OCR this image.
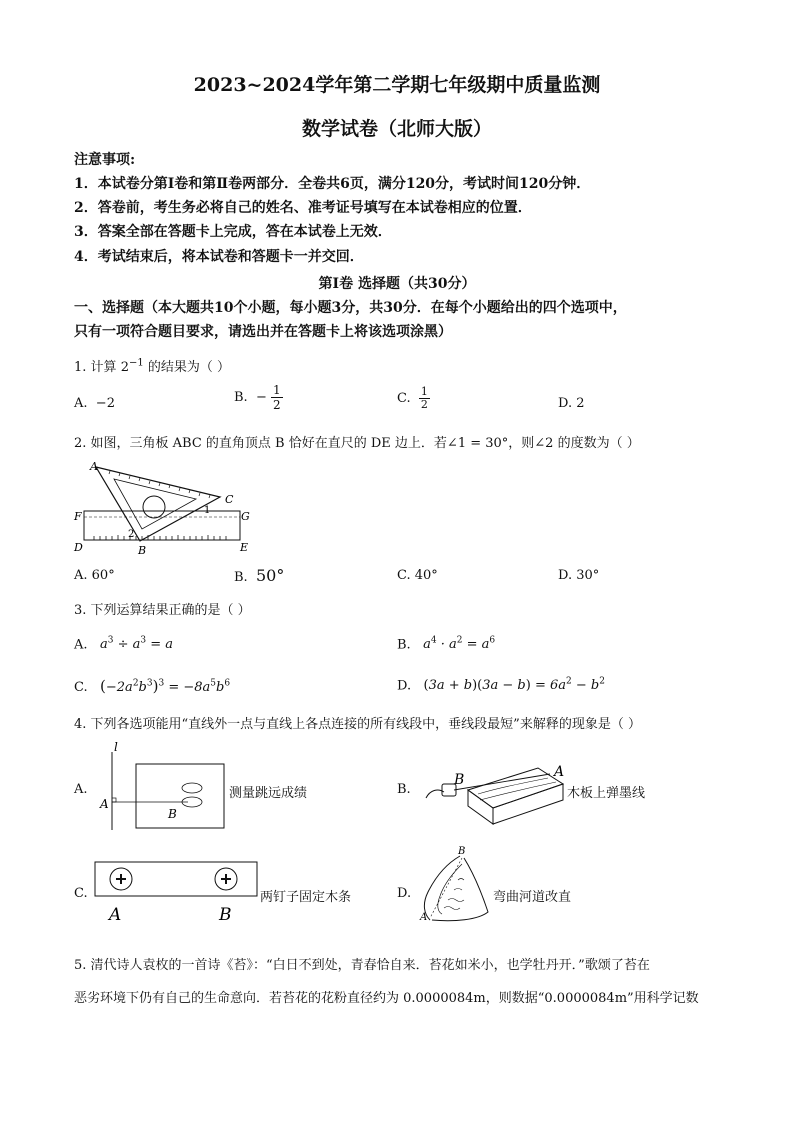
2023~2024学年第二学期七年级期中质量监测
数学试卷（北师大版）
注意事项:
1．本试卷分第Ⅰ卷和第Ⅱ卷两部分．全卷共6页，满分120分，考试时间120分钟．
2．答卷前，考生务必将自己的姓名、准考证号填写在本试卷相应的位置．
3．答案全部在答题卡上完成，答在本试卷上无效．
4．考试结束后，将本试卷和答题卡一并交回．
第Ⅰ卷 选择题（共30分）
一、选择题（本大题共10个小题，每小题3分，共30分．在每个小题给出的四个选项中，
只有一项符合题目要求，请选出并在答题卡上将该选项涂黑）
1. 计算 $2^{-1}$ 的结果为（ ）
A. −2	B. − $\frac{1}{2}$	C. $\frac{1}{2}$	D. 2
2. 如图，三角板 ABC 的直角顶点 B 恰好在直尺的 DE 边上．若∠1 = 30°，则∠2 的度数为（ ）
A
C
F	G
D	B	E
2
1
A. 60°	B. 50°	C. 40°	D. 30°
3. 下列运算结果正确的是（ ）
A. $a^3 \div a^3 = a$	B. $a^4 \cdot a^2 = a^6$
C. $(-2a^2b^3)^3 = -8a^5b^6$	D. $(3a + b)(3a - b) = 6a^2 - b^2$
4. 下列各选项能用“直线外一点与直线上各点连接的所有线段中，垂线段最短”来解释的现象是（ ）
A.
l
A
B
测量跳远成绩	B.
B	A
木板上弹墨线
C.
A	B
两钉子固定木条	D.
B
A
弯曲河道改直
5. 清代诗人袁枚的一首诗《苔》：“白日不到处，青春恰自来．苔花如米小，也学牡丹开．”歌颂了苔在
恶劣环境下仍有自己的生命意向．若苔花的花粉直径约为 0.0000084m，则数据“0.0000084m”用科学记数
